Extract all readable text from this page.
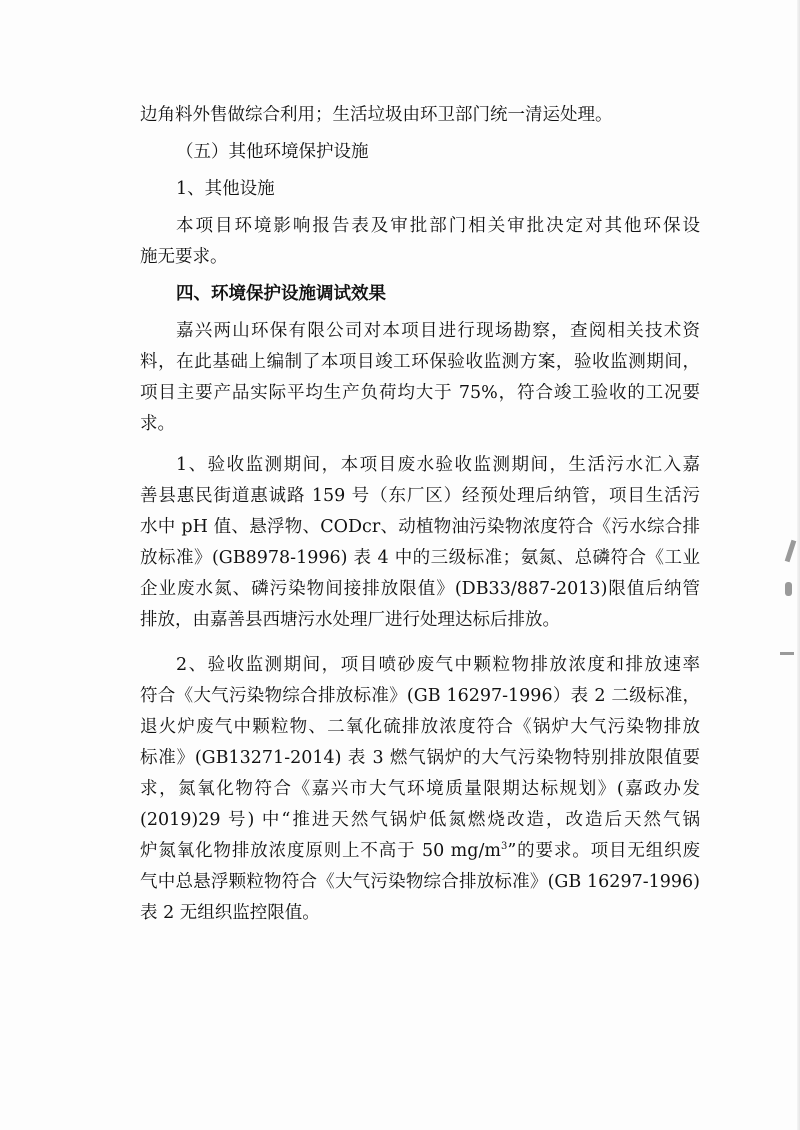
边角料外售做综合利用；生活垃圾由环卫部门统一清运处理。

（五）其他环境保护设施

1、其他设施

本项目环境影响报告表及审批部门相关审批决定对其他环保设

施无要求。

四、环境保护设施调试效果

嘉兴两山环保有限公司对本项目进行现场勘察，查阅相关技术资

料，在此基础上编制了本项目竣工环保验收监测方案，验收监测期间，

项目主要产品实际平均生产负荷均大于 75%，符合竣工验收的工况要

求。

1、验收监测期间，本项目废水验收监测期间，生活污水汇入嘉

善县惠民街道惠诚路 159 号（东厂区）经预处理后纳管，项目生活污

水中 pH 值、悬浮物、CODcr、动植物油污染物浓度符合《污水综合排

放标准》(GB8978-1996) 表 4 中的三级标准；氨氮、总磷符合《工业

企业废水氮、磷污染物间接排放限值》(DB33/887-2013)限值后纳管

排放，由嘉善县西塘污水处理厂进行处理达标后排放。

2、验收监测期间，项目喷砂废气中颗粒物排放浓度和排放速率

符合《大气污染物综合排放标准》(GB 16297-1996）表 2 二级标准，

退火炉废气中颗粒物、二氧化硫排放浓度符合《锅炉大气污染物排放

标准》(GB13271-2014) 表 3 燃气锅炉的大气污染物特别排放限值要

求，氮氧化物符合《嘉兴市大气环境质量限期达标规划》(嘉政办发

(2019)29 号) 中“推进天然气锅炉低氮燃烧改造，改造后天然气锅

炉氮氧化物排放浓度原则上不高于 50 $mg/m^3$”的要求。项目无组织废

气中总悬浮颗粒物符合《大气污染物综合排放标准》(GB 16297-1996)

表 2 无组织监控限值。
